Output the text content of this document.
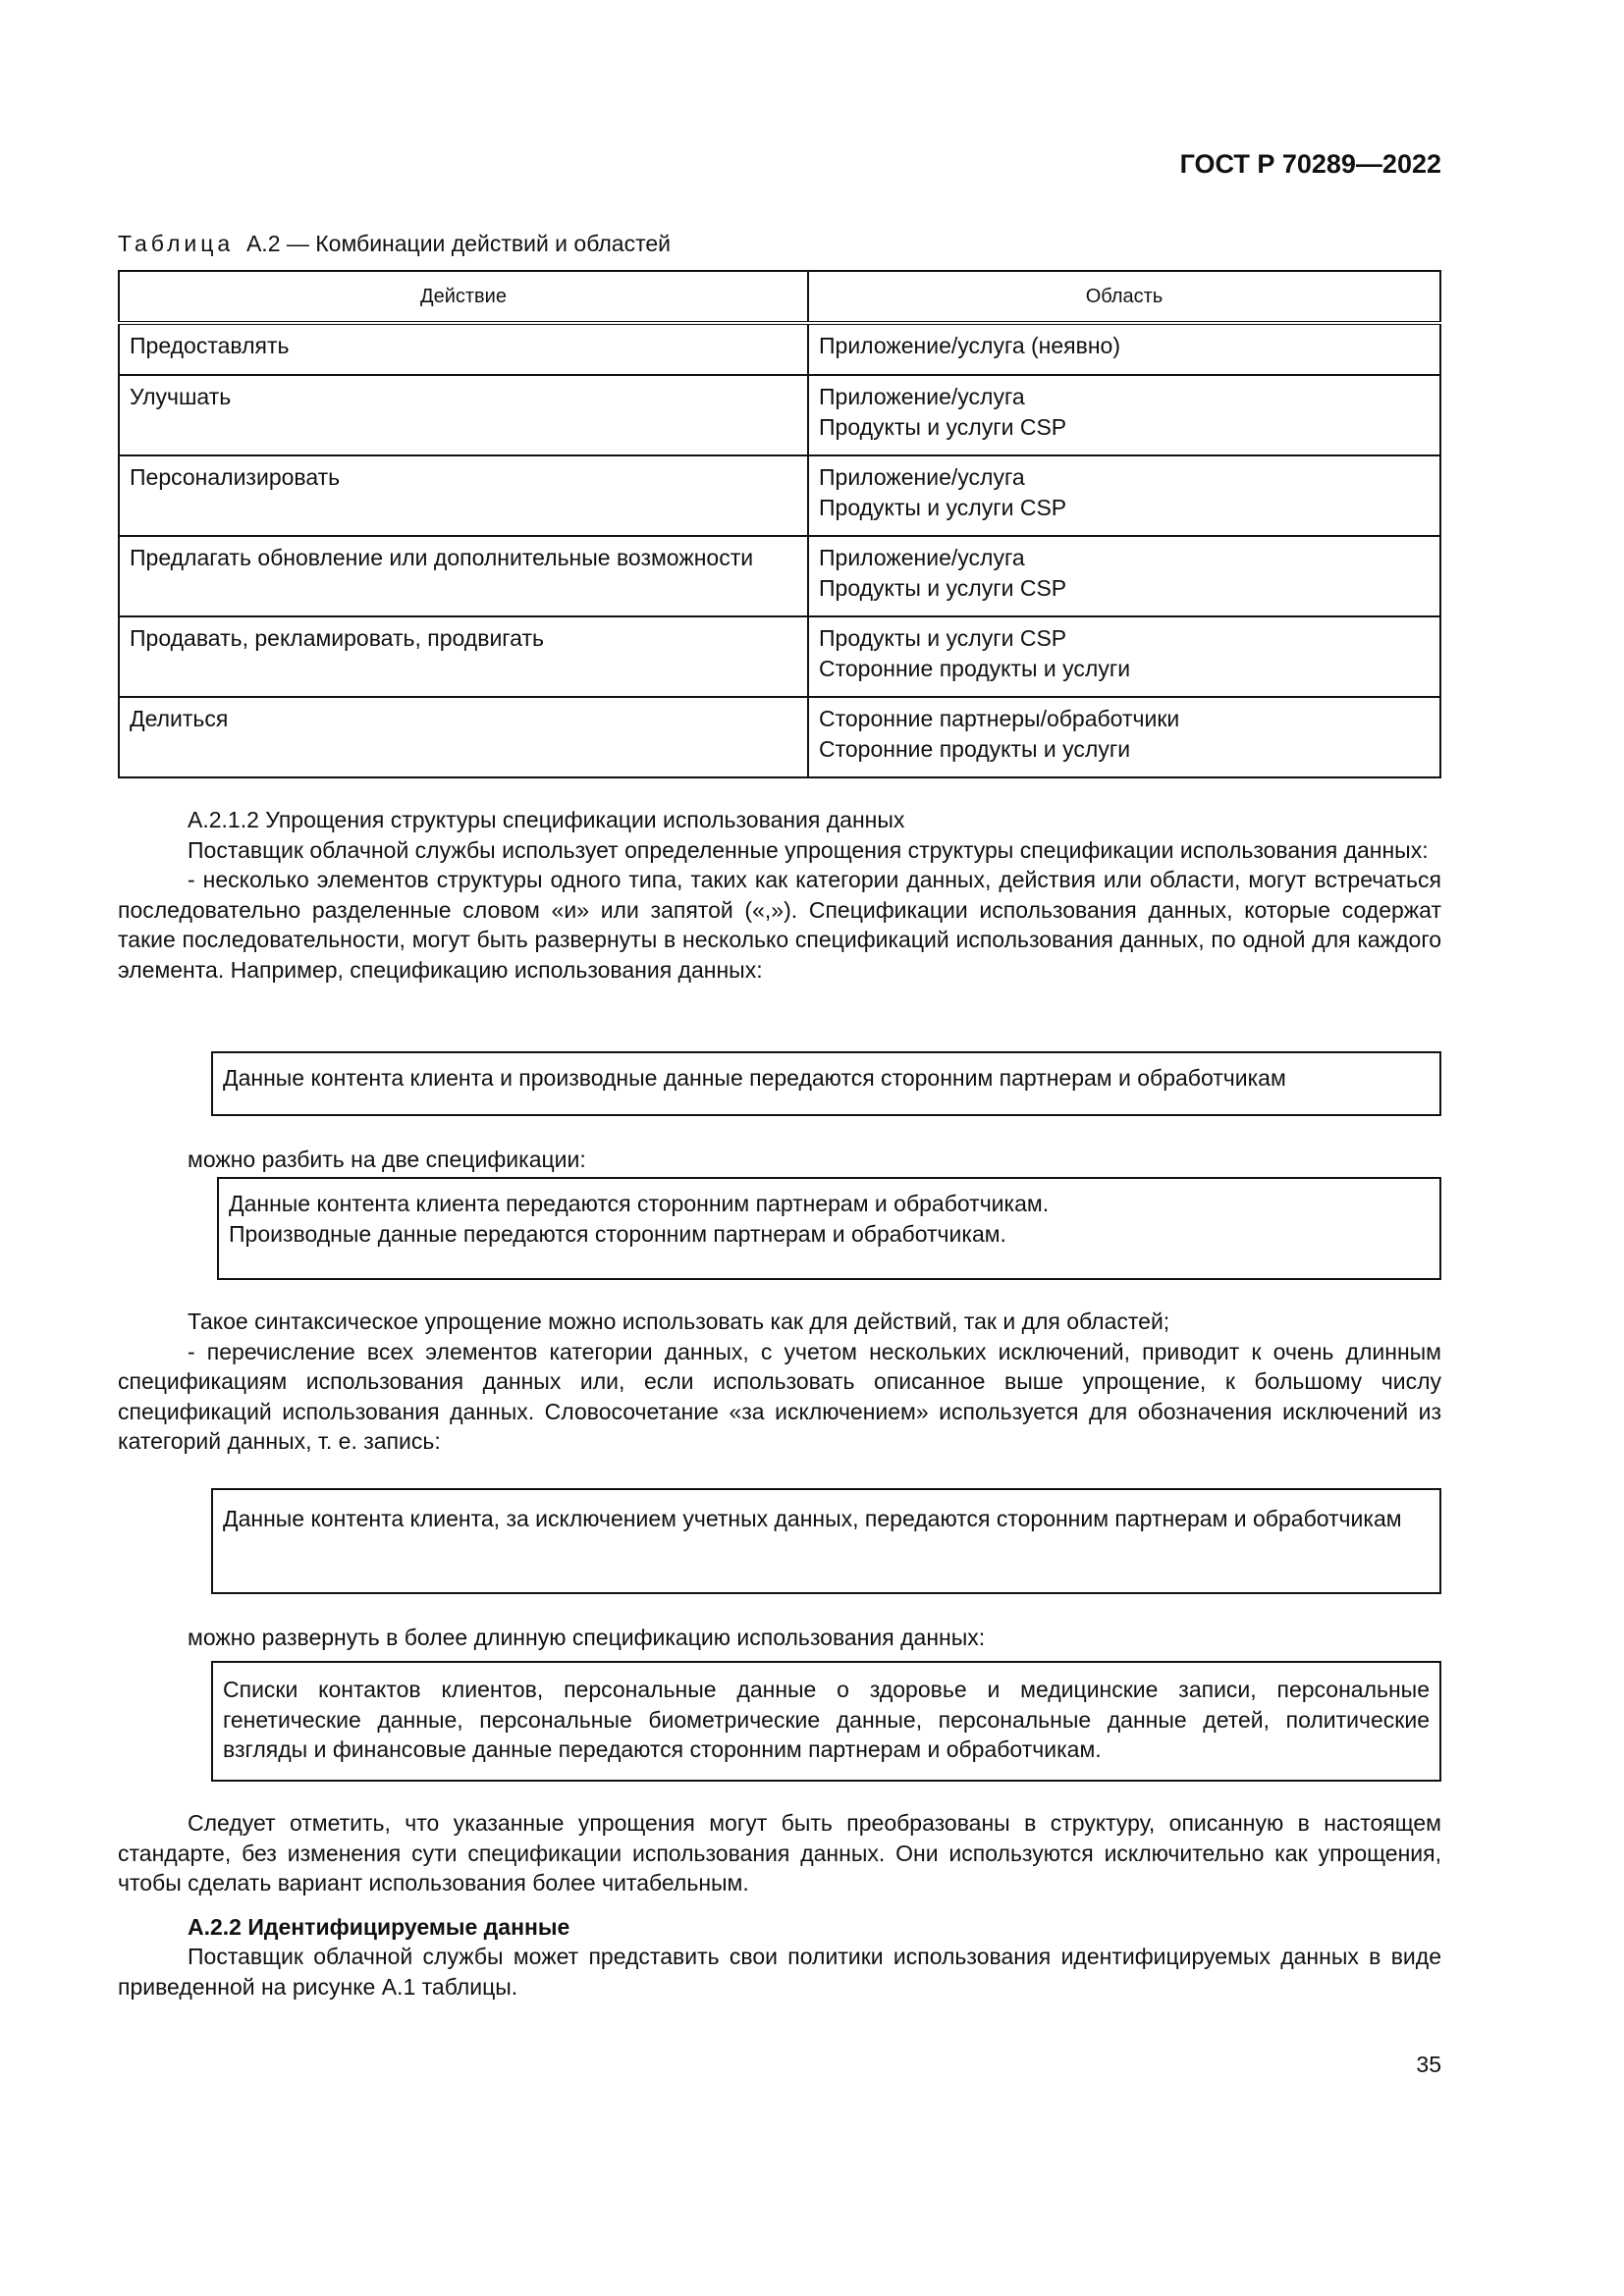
ГОСТ Р 70289—2022
Таблица А.2 — Комбинации действий и областей
Действие	Область
Предоставлять	Приложение/услуга (неявно)

Улучшать	Приложение/услуга
Продукты и услуги CSP

Персонализировать	Приложение/услуга
Продукты и услуги CSP

Предлагать обновление или дополнительные возможности	Приложение/услуга
Продукты и услуги CSP

Продавать, рекламировать, продвигать	Продукты и услуги CSP
Сторонние продукты и услуги

Делиться	Сторонние партнеры/обработчики
Сторонние продукты и услуги
А.2.1.2 Упрощения структуры спецификации использования данных
Поставщик облачной службы использует определенные упрощения структуры спецификации использования данных:
- несколько элементов структуры одного типа, таких как категории данных, действия или области, могут встречаться последовательно разделенные словом «и» или запятой («,»). Спецификации использования данных, которые содержат такие последовательности, могут быть развернуты в несколько спецификаций использования данных, по одной для каждого элемента. Например, спецификацию использования данных:
Данные контента клиента и производные данные передаются сторонним партнерам и обработчикам
можно разбить на две спецификации:
Данные контента клиента передаются сторонним партнерам и обработчикам.
Производные данные передаются сторонним партнерам и обработчикам.
Такое синтаксическое упрощение можно использовать как для действий, так и для областей;
- перечисление всех элементов категории данных, с учетом нескольких исключений, приводит к очень длинным спецификациям использования данных или, если использовать описанное выше упрощение, к большому числу спецификаций использования данных. Словосочетание «за исключением» используется для обозначения исключений из категорий данных, т. е. запись:
Данные контента клиента, за исключением учетных данных, передаются сторонним партнерам и обработчикам
можно развернуть в более длинную спецификацию использования данных:
Списки контактов клиентов, персональные данные о здоровье и медицинские записи, персональные генетические данные, персональные биометрические данные, персональные данные детей, политические взгляды и финансовые данные передаются сторонним партнерам и обработчикам.
Следует отметить, что указанные упрощения могут быть преобразованы в структуру, описанную в настоящем стандарте, без изменения сути спецификации использования данных. Они используются исключительно как упрощения, чтобы сделать вариант использования более читабельным.
А.2.2 Идентифицируемые данные
Поставщик облачной службы может представить свои политики использования идентифицируемых данных в виде приведенной на рисунке А.1 таблицы.
35
